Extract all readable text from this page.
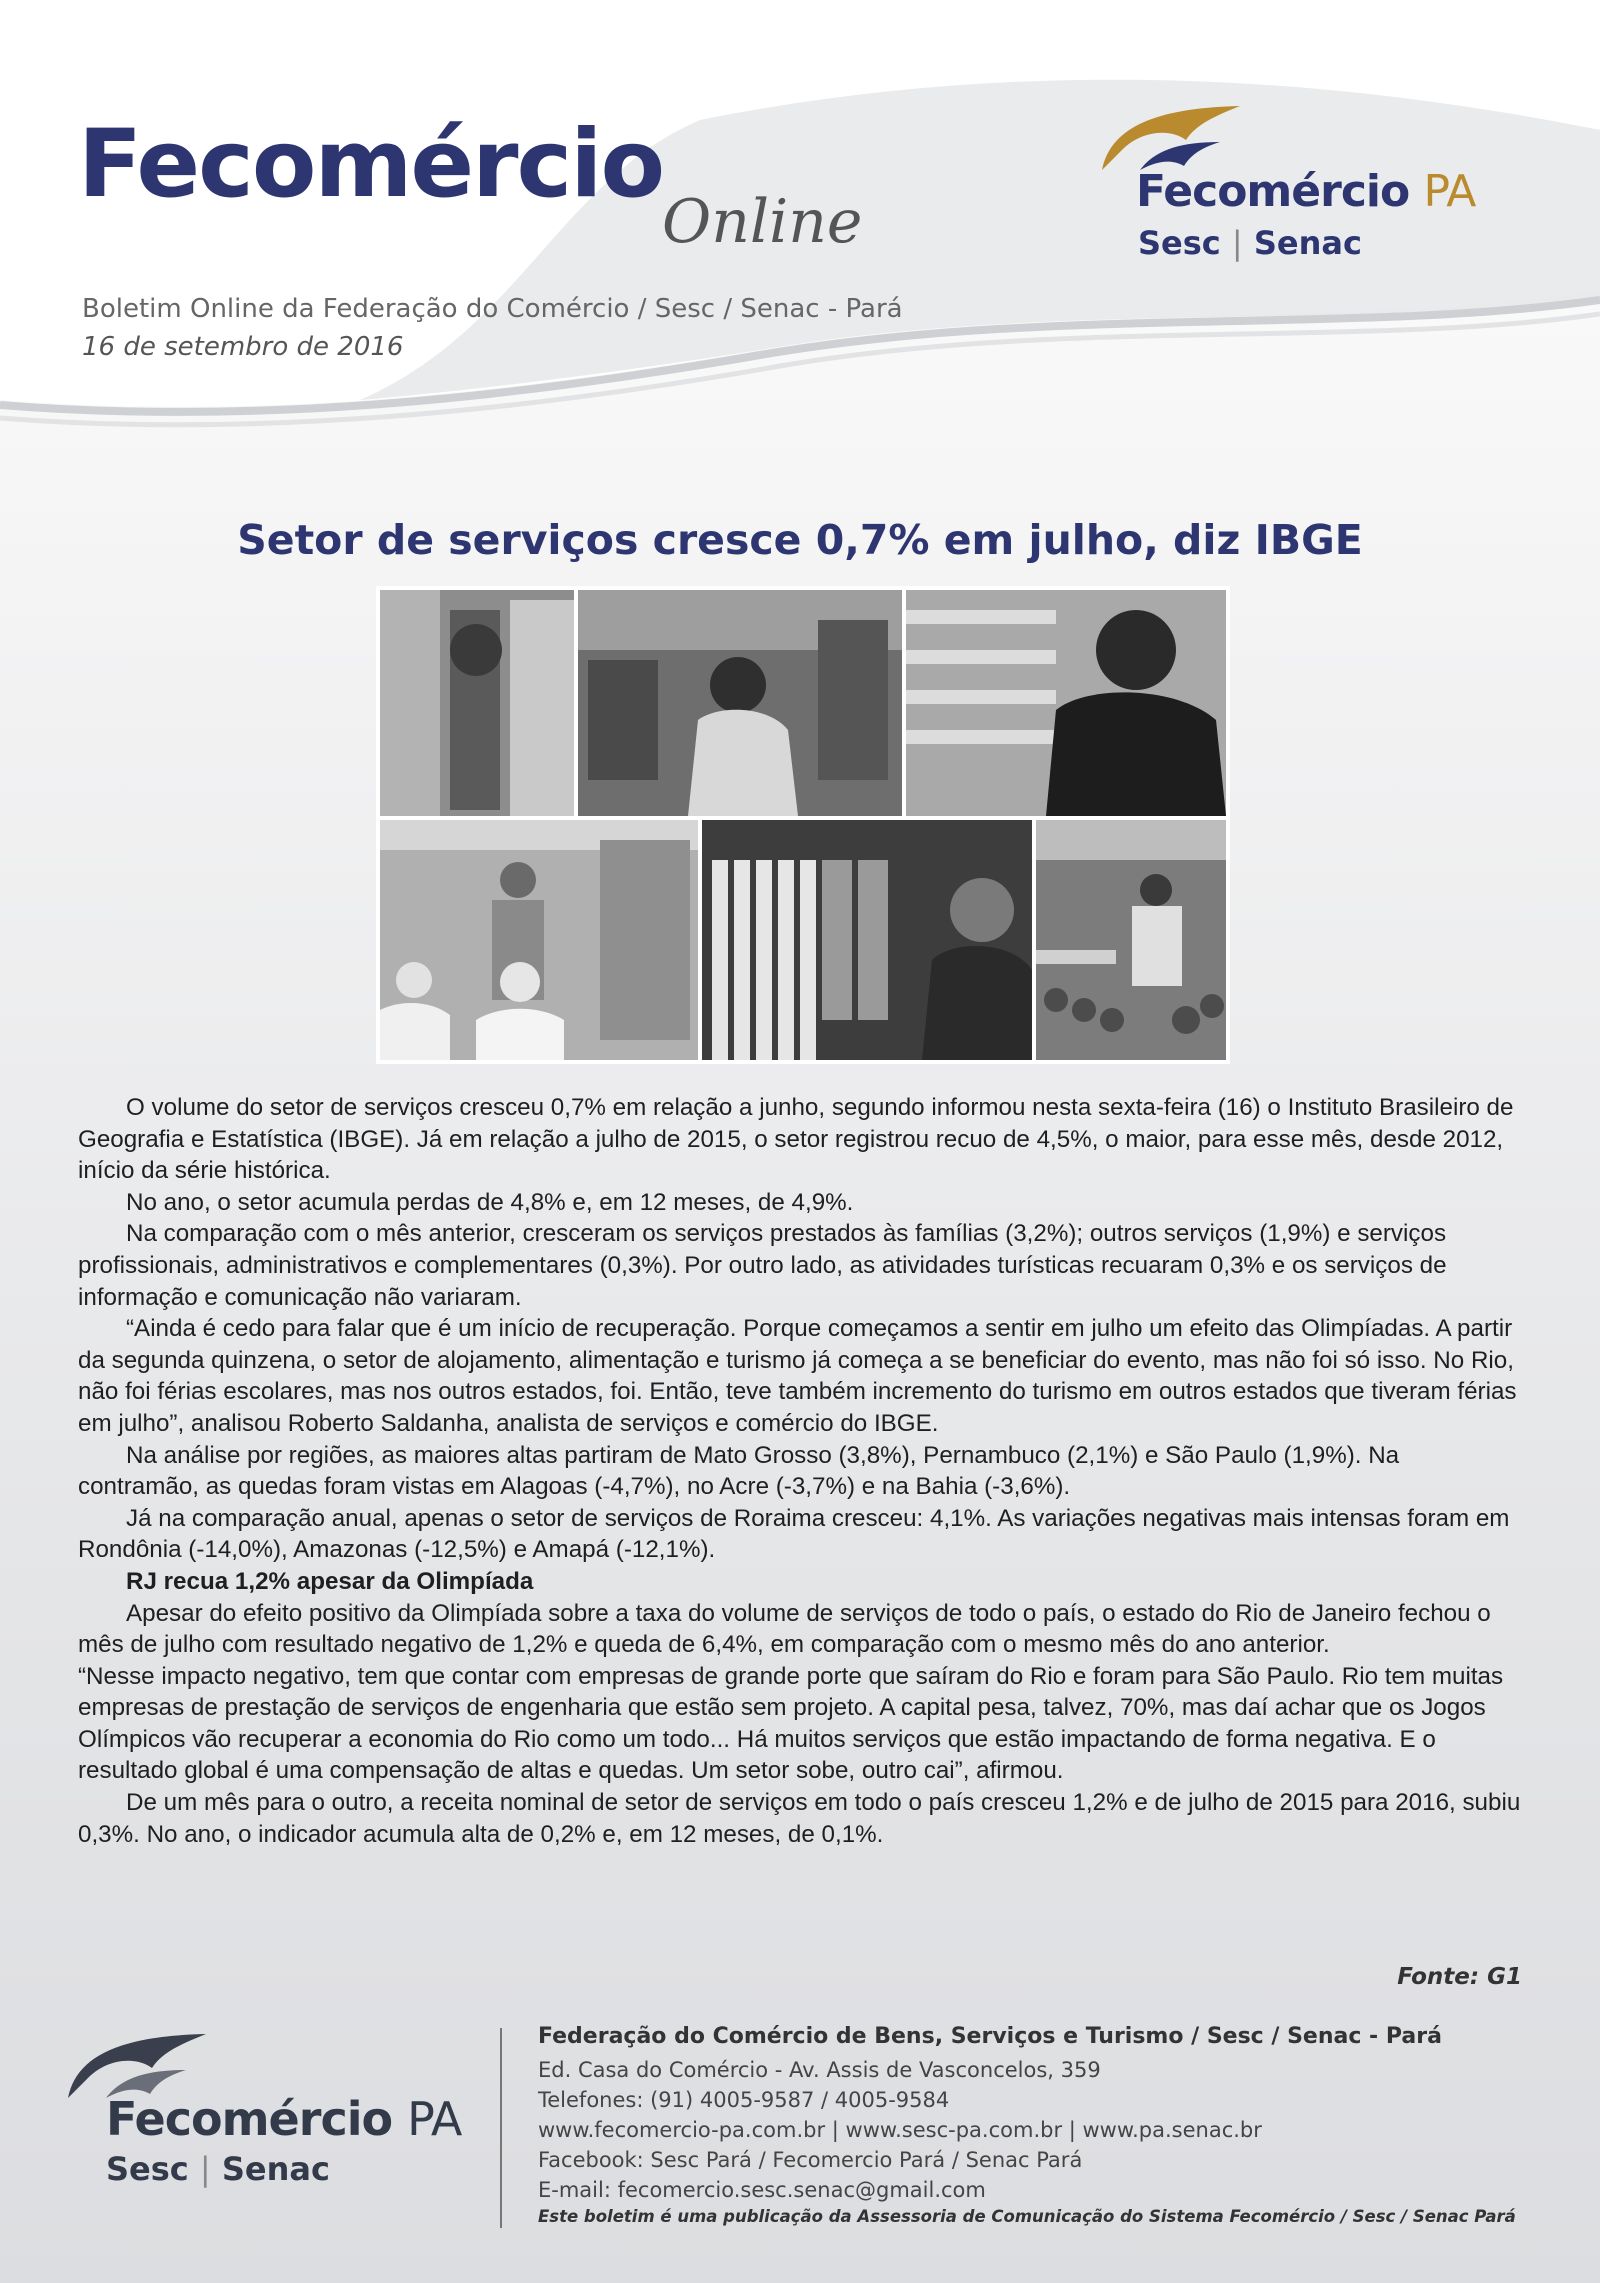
Fecomércio
Online
Boletim Online da Federação do Comércio / Sesc / Senac - Pará
16 de setembro de 2016
Fecomércio PA
Sesc | Senac
Setor de serviços cresce 0,7% em julho, diz IBGE

O volume do setor de serviços cresceu 0,7% em relação a junho, segundo informou nesta sexta-feira (16) o Instituto Brasileiro de Geografia e Estatística (IBGE). Já em relação a julho de 2015, o setor registrou recuo de 4,5%, o maior, para esse mês, desde 2012, início da série histórica.

No ano, o setor acumula perdas de 4,8% e, em 12 meses, de 4,9%.

Na comparação com o mês anterior, cresceram os serviços prestados às famílias (3,2%); outros serviços (1,9%) e serviços profissionais, administrativos e complementares (0,3%). Por outro lado, as atividades turísticas recuaram 0,3% e os serviços de informação e comunicação não variaram.

“Ainda é cedo para falar que é um início de recuperação. Porque começamos a sentir em julho um efeito das Olimpíadas. A partir da segunda quinzena, o setor de alojamento, alimentação e turismo já começa a se beneficiar do evento, mas não foi só isso. No Rio, não foi férias escolares, mas nos outros estados, foi. Então, teve também incremento do turismo em outros estados que tiveram férias em julho”, analisou Roberto Saldanha, analista de serviços e comércio do IBGE.

Na análise por regiões, as maiores altas partiram de Mato Grosso (3,8%), Pernambuco (2,1%) e São Paulo (1,9%). Na contramão, as quedas foram vistas em Alagoas (-4,7%), no Acre (-3,7%) e na Bahia (-3,6%).

Já na comparação anual, apenas o setor de serviços de Roraima cresceu: 4,1%. As variações negativas mais intensas foram em Rondônia (-14,0%), Amazonas (-12,5%) e Amapá (-12,1%).

RJ recua 1,2% apesar da Olimpíada

Apesar do efeito positivo da Olimpíada sobre a taxa do volume de serviços de todo o país, o estado do Rio de Janeiro fechou o mês de julho com resultado negativo de 1,2% e queda de 6,4%, em comparação com o mesmo mês do ano anterior.

“Nesse impacto negativo, tem que contar com empresas de grande porte que saíram do Rio e foram para São Paulo. Rio tem muitas empresas de prestação de serviços de engenharia que estão sem projeto. A capital pesa, talvez, 70%, mas daí achar que os Jogos Olímpicos vão recuperar a economia do Rio como um todo... Há muitos serviços que estão impactando de forma negativa. E o resultado global é uma compensação de altas e quedas. Um setor sobe, outro cai”, afirmou.

De um mês para o outro, a receita nominal de setor de serviços em todo o país cresceu 1,2% e de julho de 2015 para 2016, subiu 0,3%. No ano, o indicador acumula alta de 0,2% e, em 12 meses, de 0,1%.

Fonte: G1
Fecomércio PA
Sesc | Senac
Federação do Comércio de Bens, Serviços e Turismo / Sesc / Senac - Pará
Ed. Casa do Comércio - Av. Assis de Vasconcelos, 359
Telefones: (91) 4005-9587 / 4005-9584
www.fecomercio-pa.com.br | www.sesc-pa.com.br | www.pa.senac.br
Facebook: Sesc Pará / Fecomercio Pará / Senac Pará
E-mail: fecomercio.sesc.senac@gmail.com
Este boletim é uma publicação da Assessoria de Comunicação do Sistema Fecomércio / Sesc / Senac Pará
